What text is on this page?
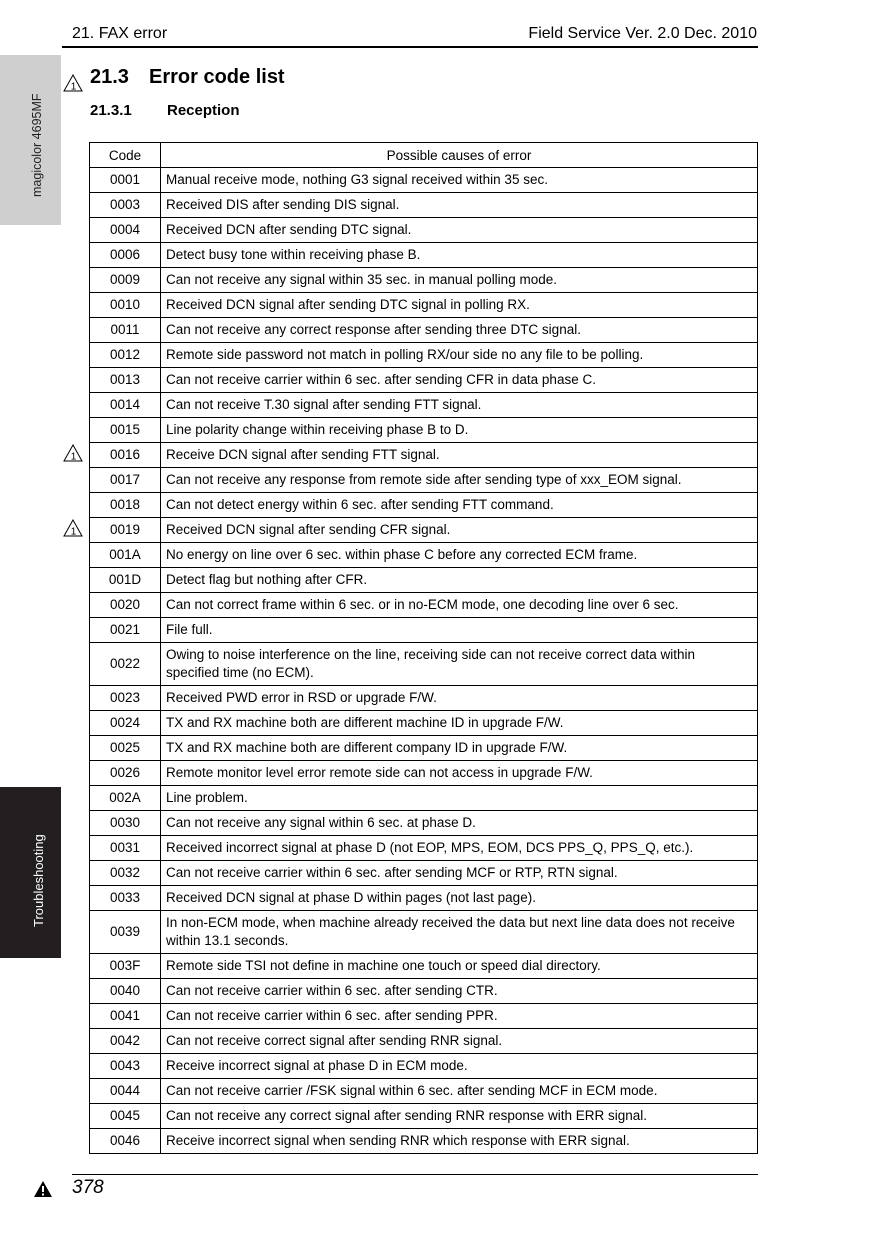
21. FAX error	Field Service Ver. 2.0 Dec. 2010
magicolor 4695MF
Troubleshooting
1
1
1
21.3 Error code list
21.3.1 Reception
Code	Possible causes of error
0001	Manual receive mode, nothing G3 signal received within 35 sec.
0003	Received DIS after sending DIS signal.
0004	Received DCN after sending DTC signal.
0006	Detect busy tone within receiving phase B.
0009	Can not receive any signal within 35 sec. in manual polling mode.
0010	Received DCN signal after sending DTC signal in polling RX.
0011	Can not receive any correct response after sending three DTC signal.
0012	Remote side password not match in polling RX/our side no any file to be polling.
0013	Can not receive carrier within 6 sec. after sending CFR in data phase C.
0014	Can not receive T.30 signal after sending FTT signal.
0015	Line polarity change within receiving phase B to D.
0016	Receive DCN signal after sending FTT signal.
0017	Can not receive any response from remote side after sending type of xxx_EOM signal.
0018	Can not detect energy within 6 sec. after sending FTT command.
0019	Received DCN signal after sending CFR signal.
001A	No energy on line over 6 sec. within phase C before any corrected ECM frame.
001D	Detect flag but nothing after CFR.
0020	Can not correct frame within 6 sec. or in no-ECM mode, one decoding line over 6 sec.
0021	File full.
0022	Owing to noise interference on the line, receiving side can not receive correct data within specified time (no ECM).
0023	Received PWD error in RSD or upgrade F/W.
0024	TX and RX machine both are different machine ID in upgrade F/W.
0025	TX and RX machine both are different company ID in upgrade F/W.
0026	Remote monitor level error remote side can not access in upgrade F/W.
002A	Line problem.
0030	Can not receive any signal within 6 sec. at phase D.
0031	Received incorrect signal at phase D (not EOP, MPS, EOM, DCS PPS_Q, PPS_Q, etc.).
0032	Can not receive carrier within 6 sec. after sending MCF or RTP, RTN signal.
0033	Received DCN signal at phase D within pages (not last page).
0039	In non-ECM mode, when machine already received the data but next line data does not receive within 13.1 seconds.
003F	Remote side TSI not define in machine one touch or speed dial directory.
0040	Can not receive carrier within 6 sec. after sending CTR.
0041	Can not receive carrier within 6 sec. after sending PPR.
0042	Can not receive correct signal after sending RNR signal.
0043	Receive incorrect signal at phase D in ECM mode.
0044	Can not receive carrier /FSK signal within 6 sec. after sending MCF in ECM mode.
0045	Can not receive any correct signal after sending RNR response with ERR signal.
0046	Receive incorrect signal when sending RNR which response with ERR signal.
378
